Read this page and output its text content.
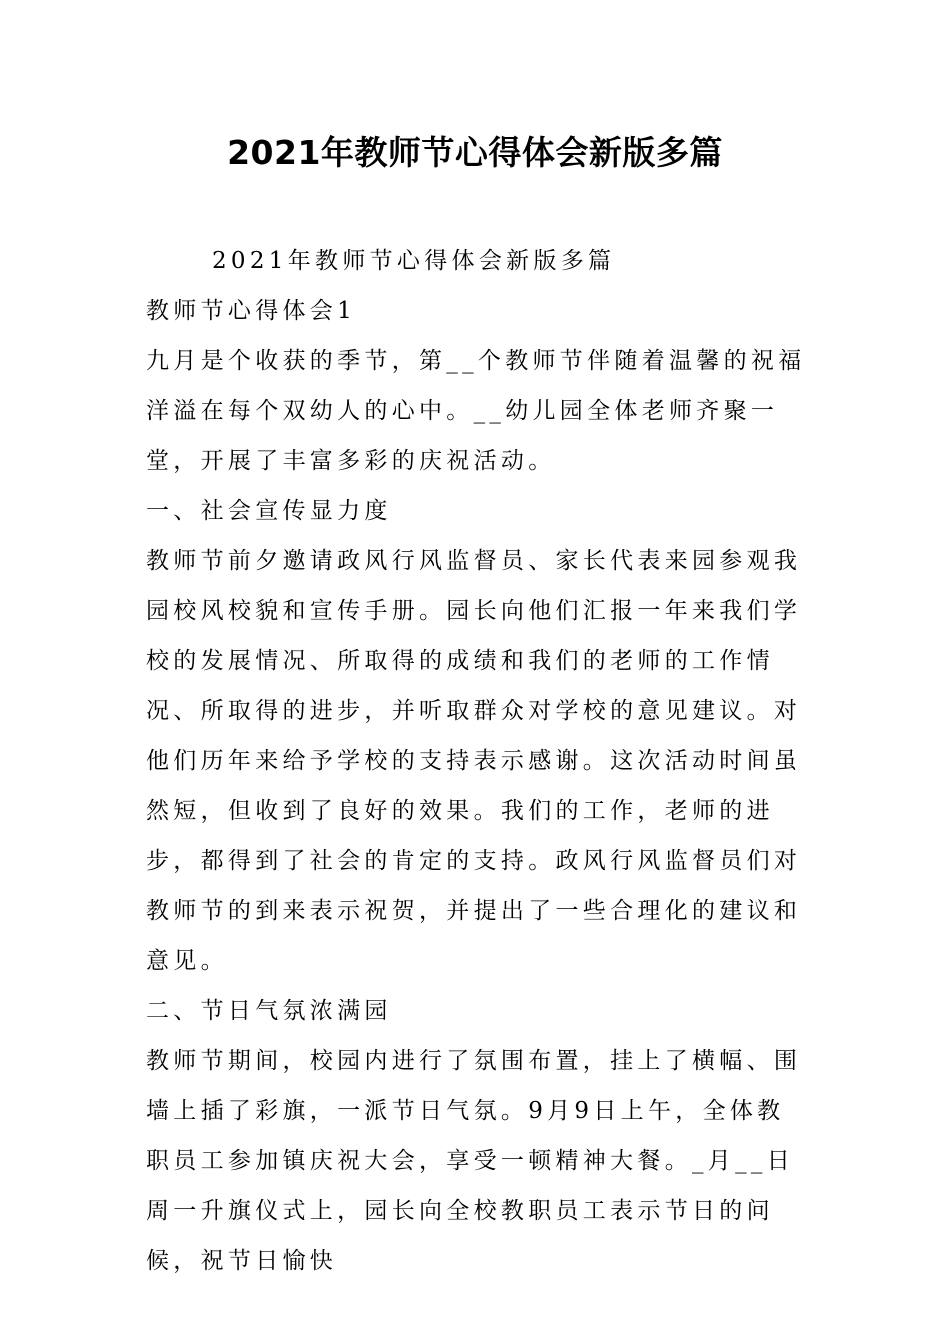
2021年教师节心得体会新版多篇

2021年教师节心得体会新版多篇

教师节心得体会1

九月是个收获的季节，第__个教师节伴随着温馨的祝福洋溢在每个双幼人的心中。__幼儿园全体老师齐聚一堂，开展了丰富多彩的庆祝活动。

一、社会宣传显力度

教师节前夕邀请政风行风监督员、家长代表来园参观我园校风校貌和宣传手册。园长向他们汇报一年来我们学校的发展情况、所取得的成绩和我们的老师的工作情况、所取得的进步，并听取群众对学校的意见建议。对他们历年来给予学校的支持表示感谢。这次活动时间虽然短，但收到了良好的效果。我们的工作，老师的进步，都得到了社会的肯定的支持。政风行风监督员们对教师节的到来表示祝贺，并提出了一些合理化的建议和意见。

二、节日气氛浓满园

教师节期间，校园内进行了氛围布置，挂上了横幅、围墙上插了彩旗，一派节日气氛。9月9日上午，全体教职员工参加镇庆祝大会，享受一顿精神大餐。_月__日周一升旗仪式上，园长向全校教职员工表示节日的问候，祝节日愉快
